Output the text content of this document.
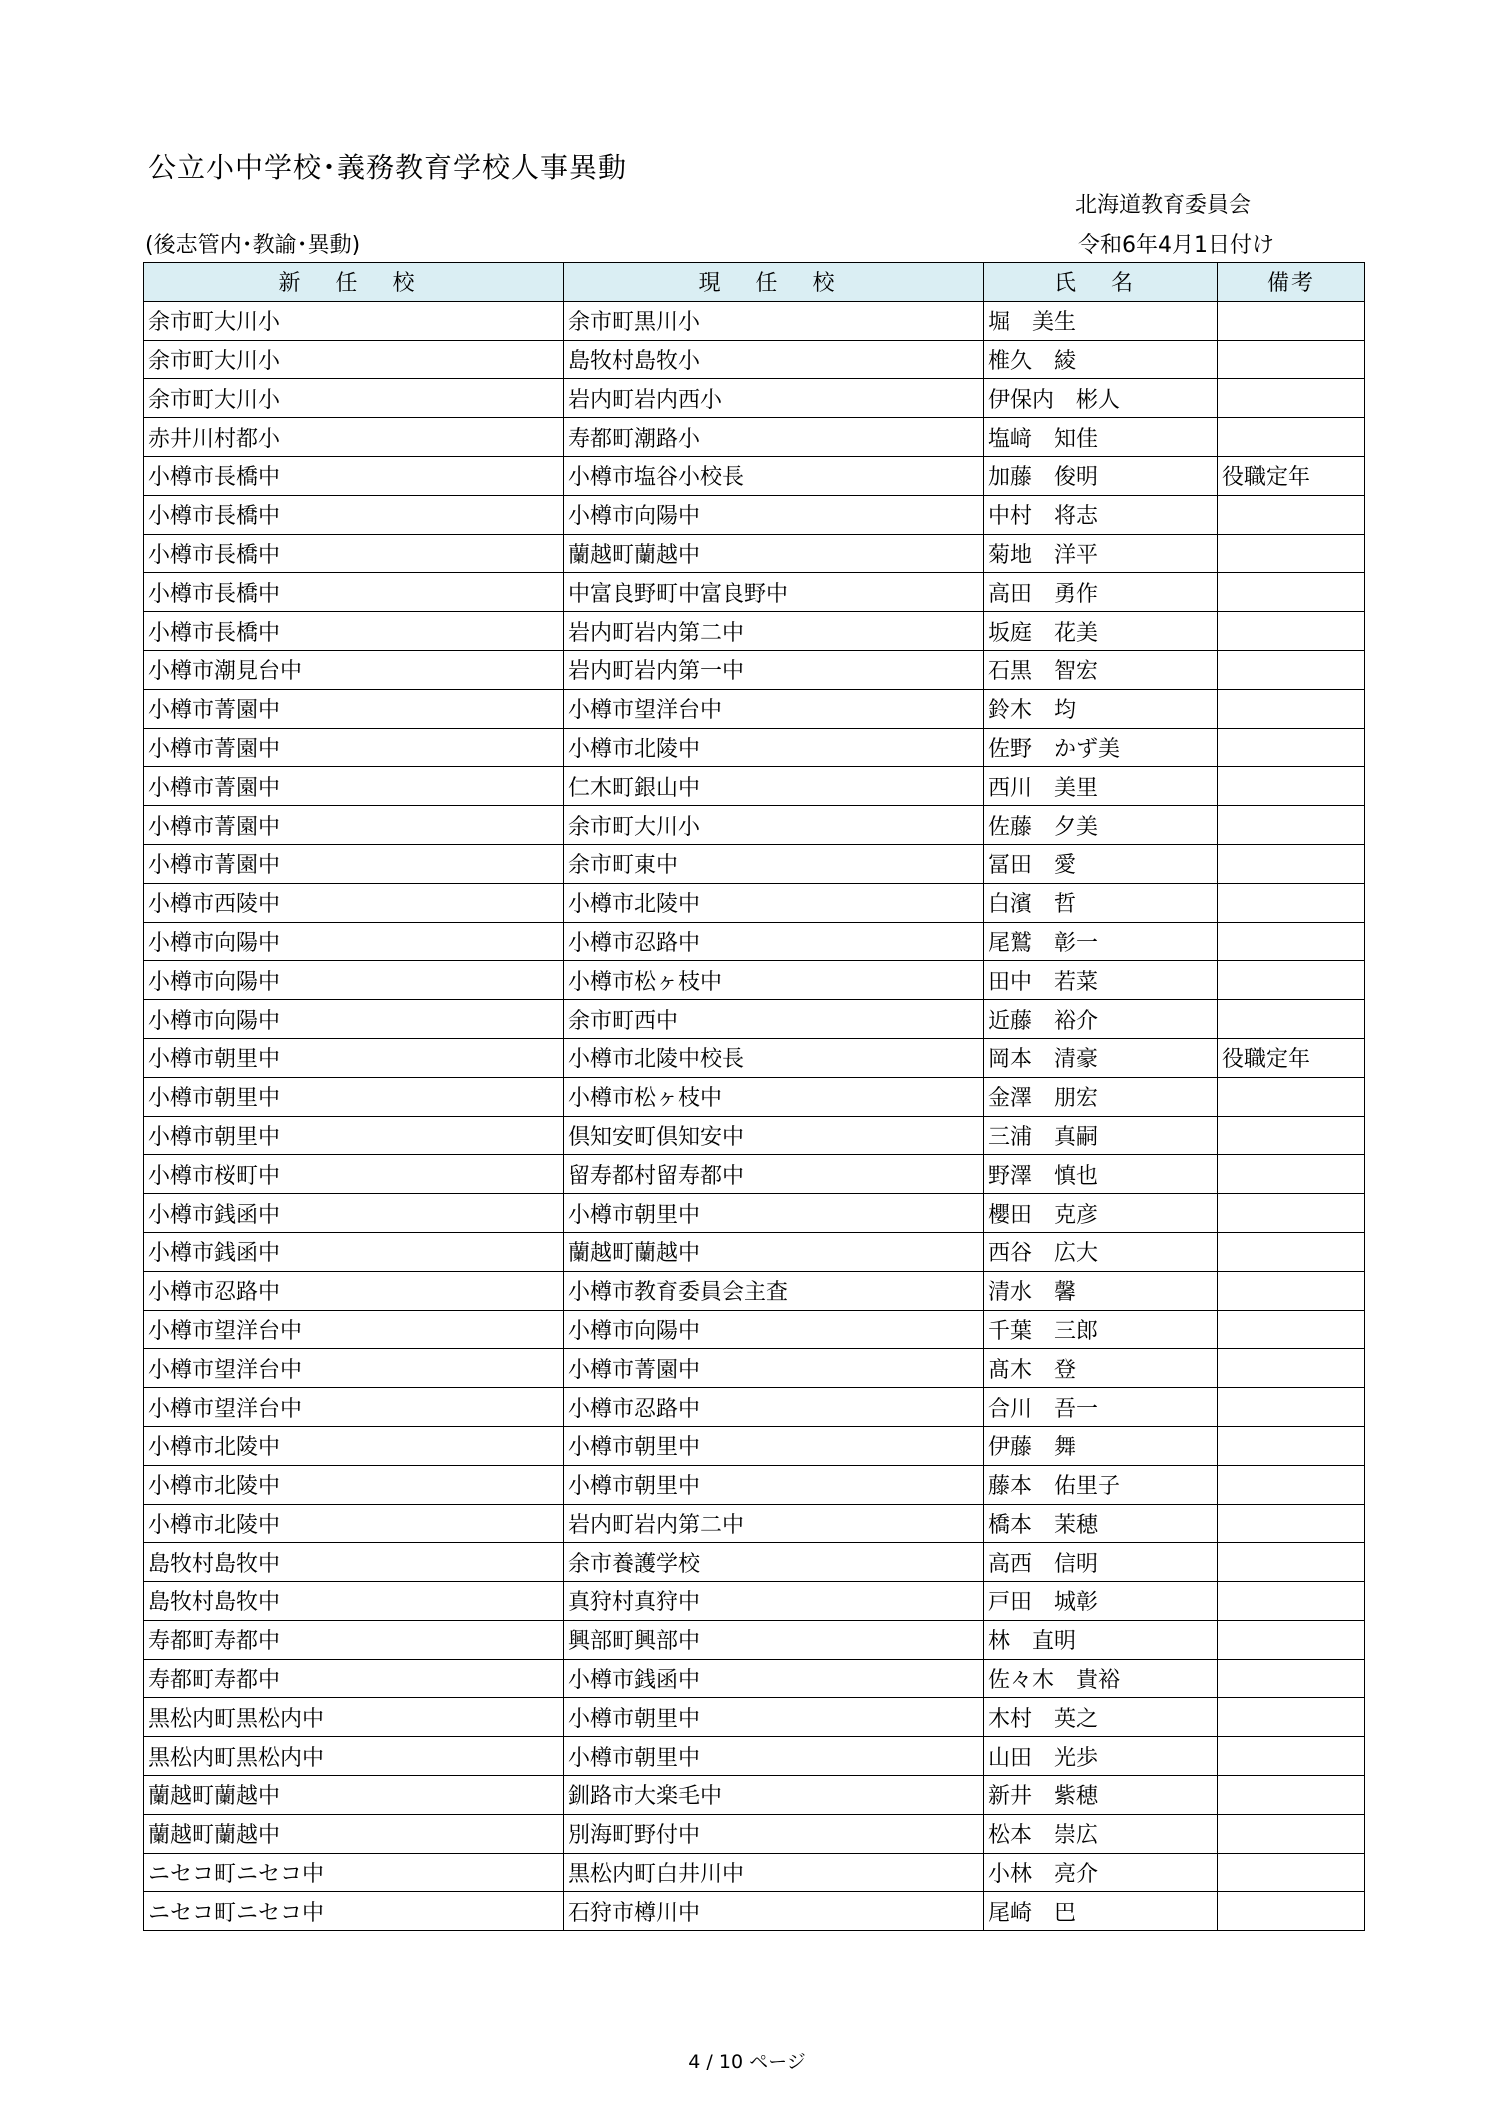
公立小中学校･義務教育学校人事異動
北海道教育委員会
(後志管内･教諭･異動)	令和6年4月1日付け
新 任 校	現 任 校	氏 名	備考
余市町大川小	余市町黒川小	堀　美生	
余市町大川小	島牧村島牧小	椎久　綾	
余市町大川小	岩内町岩内西小	伊保内　彬人	
赤井川村都小	寿都町潮路小	塩﨑　知佳	
小樽市長橋中	小樽市塩谷小校長	加藤　俊明	役職定年
小樽市長橋中	小樽市向陽中	中村　将志	
小樽市長橋中	蘭越町蘭越中	菊地　洋平	
小樽市長橋中	中富良野町中富良野中	高田　勇作	
小樽市長橋中	岩内町岩内第二中	坂庭　花美	
小樽市潮見台中	岩内町岩内第一中	石黒　智宏	
小樽市菁園中	小樽市望洋台中	鈴木　均	
小樽市菁園中	小樽市北陵中	佐野　かず美	
小樽市菁園中	仁木町銀山中	西川　美里	
小樽市菁園中	余市町大川小	佐藤　夕美	
小樽市菁園中	余市町東中	冨田　愛	
小樽市西陵中	小樽市北陵中	白濱　哲	
小樽市向陽中	小樽市忍路中	尾鷲　彰一	
小樽市向陽中	小樽市松ヶ枝中	田中　若菜	
小樽市向陽中	余市町西中	近藤　裕介	
小樽市朝里中	小樽市北陵中校長	岡本　清豪	役職定年
小樽市朝里中	小樽市松ヶ枝中	金澤　朋宏	
小樽市朝里中	倶知安町倶知安中	三浦　真嗣	
小樽市桜町中	留寿都村留寿都中	野澤　慎也	
小樽市銭函中	小樽市朝里中	櫻田　克彦	
小樽市銭函中	蘭越町蘭越中	西谷　広大	
小樽市忍路中	小樽市教育委員会主査	清水　馨	
小樽市望洋台中	小樽市向陽中	千葉　三郎	
小樽市望洋台中	小樽市菁園中	髙木　登	
小樽市望洋台中	小樽市忍路中	合川　吾一	
小樽市北陵中	小樽市朝里中	伊藤　舞	
小樽市北陵中	小樽市朝里中	藤本　佑里子	
小樽市北陵中	岩内町岩内第二中	橋本　茉穂	
島牧村島牧中	余市養護学校	高西　信明	
島牧村島牧中	真狩村真狩中	戸田　城彰	
寿都町寿都中	興部町興部中	林　直明	
寿都町寿都中	小樽市銭函中	佐々木　貴裕	
黒松内町黒松内中	小樽市朝里中	木村　英之	
黒松内町黒松内中	小樽市朝里中	山田　光歩	
蘭越町蘭越中	釧路市大楽毛中	新井　紫穂	
蘭越町蘭越中	別海町野付中	松本　崇広	
ニセコ町ニセコ中	黒松内町白井川中	小林　亮介	
ニセコ町ニセコ中	石狩市樽川中	尾崎　巴	
4 / 10 ページ
